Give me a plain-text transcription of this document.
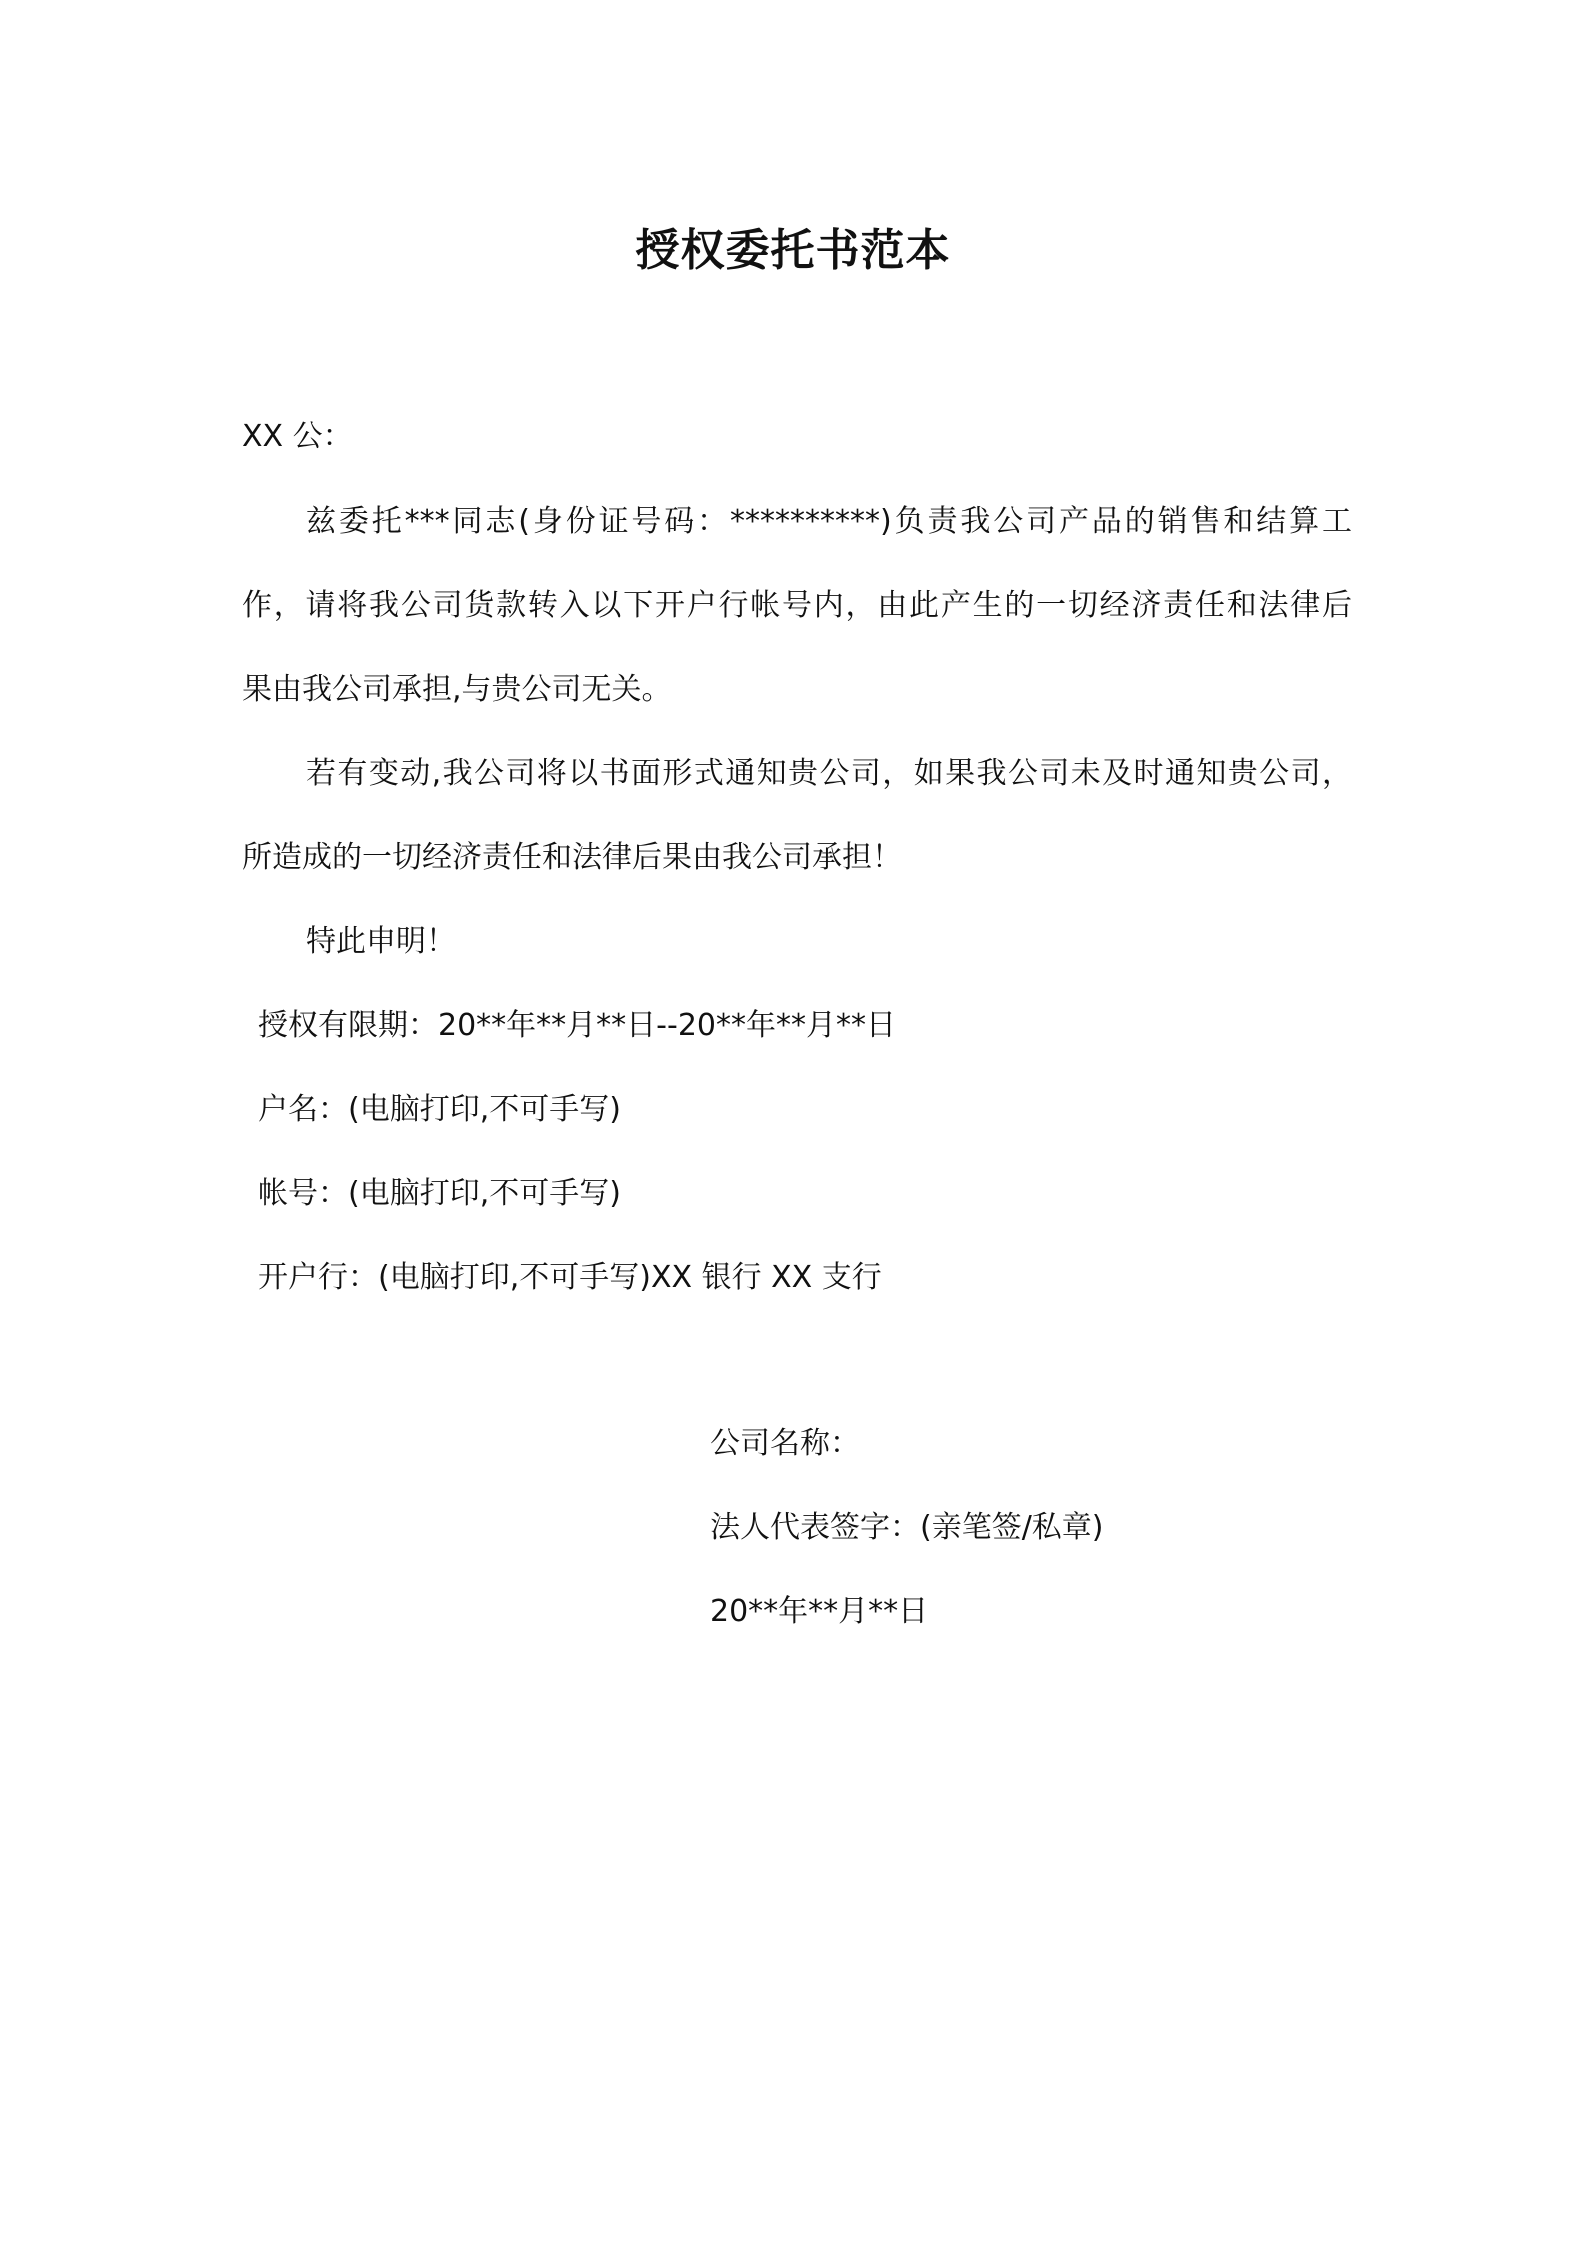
授权委托书范本
XX 公：
兹委托***同志(身份证号码：**********)负责我公司产品的销售和结算工
作，请将我公司货款转入以下开户行帐号内，由此产生的一切经济责任和法律后
果由我公司承担,与贵公司无关。
若有变动,我公司将以书面形式通知贵公司，如果我公司未及时通知贵公司，
所造成的一切经济责任和法律后果由我公司承担！
特此申明！
授权有限期：20**年**月**日--20**年**月**日
户名：(电脑打印,不可手写)
帐号：(电脑打印,不可手写)
开户行：(电脑打印,不可手写)XX 银行 XX 支行
公司名称：
法人代表签字：(亲笔签/私章)
20**年**月**日
